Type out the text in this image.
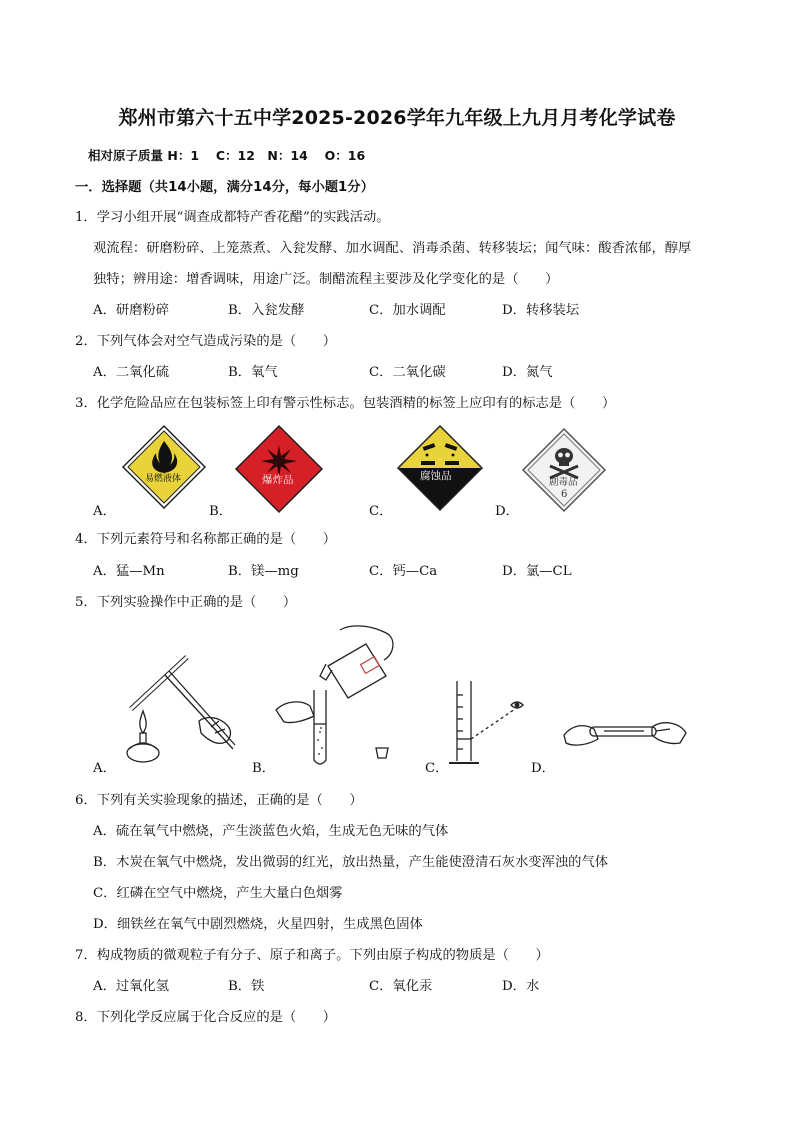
郑州市第六十五中学2025-2026学年九年级上九月月考化学试卷
相对原子质量 H：1　 C：12　N：14　 O：16
一．选择题（共14小题，满分14分，每小题1分）
1．学习小组开展“调查成都特产香花醋”的实践活动。
观流程：研磨粉碎、上笼蒸煮、入瓮发酵、加水调配、消毒杀菌、转移装坛；闻气味：酸香浓郁，醇厚
独特；辨用途：增香调味，用途广泛。制醋流程主要涉及化学变化的是（　　）
A．研磨粉碎	B．入瓮发酵	C．加水调配	D．转移装坛
2．下列气体会对空气造成污染的是（　　）
A．二氧化硫	B．氧气	C．二氧化碳	D．氮气
3．化学危险品应在包装标签上印有警示性标志。包装酒精的标签上应印有的标志是（　　）
易燃液体	爆炸品	腐蚀品
剧毒品
6
A．	B．	C．	D．
4．下列元素符号和名称都正确的是（　　）
A．猛—Mn	B．镁—mg	C．钙—Ca	D．氯—CL
5．下列实验操作中正确的是（　　）
A．	B．	C．	D．
6．下列有关实验现象的描述，正确的是（　　）
A．硫在氧气中燃烧，产生淡蓝色火焰，生成无色无味的气体
B．木炭在氧气中燃烧，发出微弱的红光，放出热量，产生能使澄清石灰水变浑浊的气体
C．红磷在空气中燃烧，产生大量白色烟雾
D．细铁丝在氧气中剧烈燃烧，火星四射，生成黑色固体
7．构成物质的微观粒子有分子、原子和离子。下列由原子构成的物质是（　　）
A．过氧化氢	B．铁	C．氧化汞	D．水
8．下列化学反应属于化合反应的是（　　）
